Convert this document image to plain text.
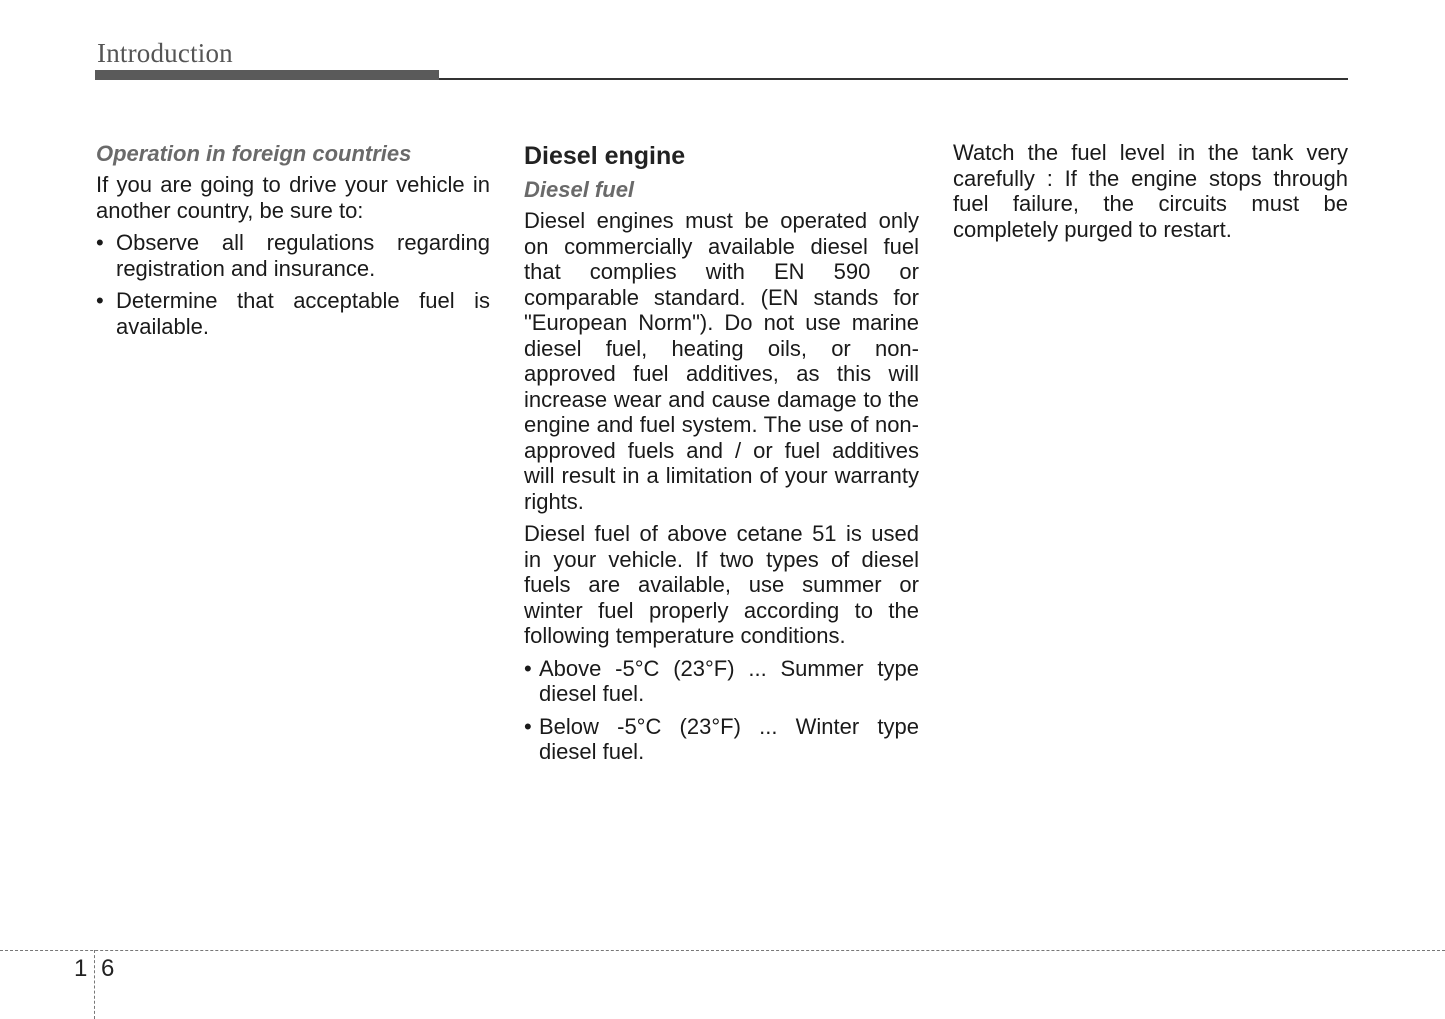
Introduction
Operation in foreign countries

If you are going to drive your vehicle in another country, be sure to:

• Observe all regulations regarding registration and insurance.
• Determine that acceptable fuel is available.
Diesel engine
Diesel fuel

Diesel engines must be operated only on commercially available diesel fuel that complies with EN 590 or comparable standard. (EN stands for "European Norm"). Do not use marine diesel fuel, heating oils, or non-approved fuel additives, as this will increase wear and cause damage to the engine and fuel system. The use of non-approved fuels and / or fuel additives will result in a limitation of your warranty rights.

Diesel fuel of above cetane 51 is used in your vehicle. If two types of diesel fuels are available, use summer or winter fuel properly according to the following temperature conditions.

• Above -5°C (23°F) ... Summer type diesel fuel.
• Below -5°C (23°F) ... Winter type diesel fuel.

Watch the fuel level in the tank very carefully : If the engine stops through fuel failure, the circuits must be completely purged to restart.

1 6
